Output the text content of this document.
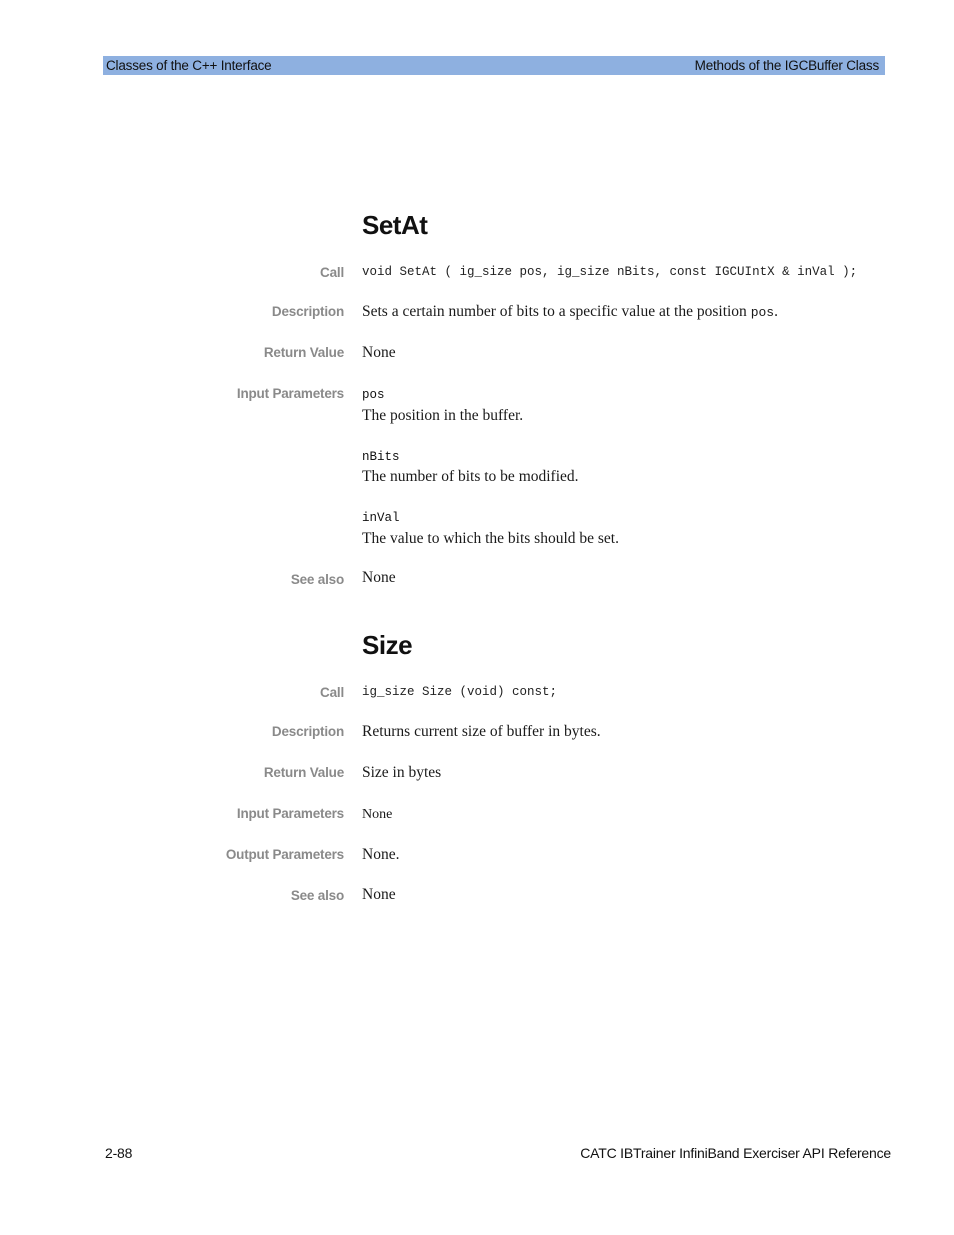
Classes of the C++ Interface	Methods of the IGCBuffer Class
SetAt
Call void SetAt ( ig_size pos, ig_size nBits, const IGCUIntX & inVal );
Description Sets a certain number of bits to a specific value at the position pos.
Return Value None
Input Parameters pos
The position in the buffer.
nBits
The number of bits to be modified.
inVal
The value to which the bits should be set.
See also None
Size
Call ig_size Size (void) const;
Description Returns current size of buffer in bytes.
Return Value Size in bytes
Input Parameters None
Output Parameters None.
See also None
2-88	CATC IBTrainer InfiniBand Exerciser API Reference
